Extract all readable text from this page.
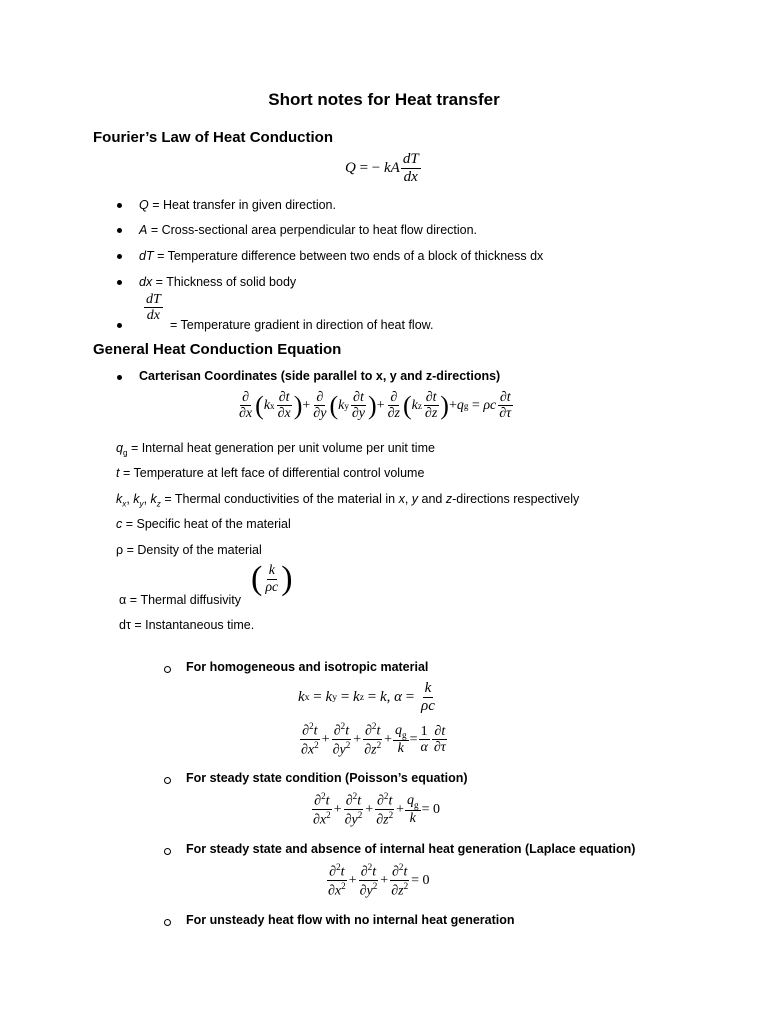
Short notes for Heat transfer
Fourier’s Law of Heat Conduction
Q = − kA $\frac{dT}{dx}$
Q = Heat transfer in given direction.
A = Cross-sectional area perpendicular to heat flow direction.
dT = Temperature difference between two ends of a block of thickness dx
dx = Thickness of solid body
$\frac{dT}{dx}$
= Temperature gradient in direction of heat flow.
General Heat Conduction Equation
Carterisan Coordinates (side parallel to x, y and z-directions)
$\frac{\partial}{\partial x}$ ( k x $\frac{\partial t}{\partial x}$ ) + $\frac{\partial}{\partial y}$ ( k y $\frac{\partial t}{\partial y}$ ) + $\frac{\partial}{\partial z}$ ( k z $\frac{\partial t}{\partial z}$ ) + q g = ρc $\frac{\partial t}{\partial\tau}$
$q_g$ = Internal heat generation per unit volume per unit time
t = Temperature at left face of differential control volume
$k_x$, $k_y$, $k_z$ = Thermal conductivities of the material in x, y and z-directions respectively
c = Specific heat of the material
ρ = Density of the material
α = Thermal diffusivity
( $\frac{k}{\rho c}$ )
dτ = Instantaneous time.
For homogeneous and isotropic material
k x = k y = k z = k , $\alpha = \frac{k}{\rho c}$
$\frac{\partial^2t}{\partial x^2} + \frac{\partial^2t}{\partial y^2} + \frac{\partial^2t}{\partial z^2} + \frac{q_g}{k} = \frac{1}{\alpha} \frac{\partial t}{\partial\tau}$
For steady state condition (Poisson’s equation)
$\frac{\partial^2t}{\partial x^2} + \frac{\partial^2t}{\partial y^2} + \frac{\partial^2t}{\partial z^2} + \frac{q_g}{k} = 0$
For steady state and absence of internal heat generation (Laplace equation)
$\frac{\partial^2t}{\partial x^2} + \frac{\partial^2t}{\partial y^2} + \frac{\partial^2t}{\partial z^2} = 0$
For unsteady heat flow with no internal heat generation
